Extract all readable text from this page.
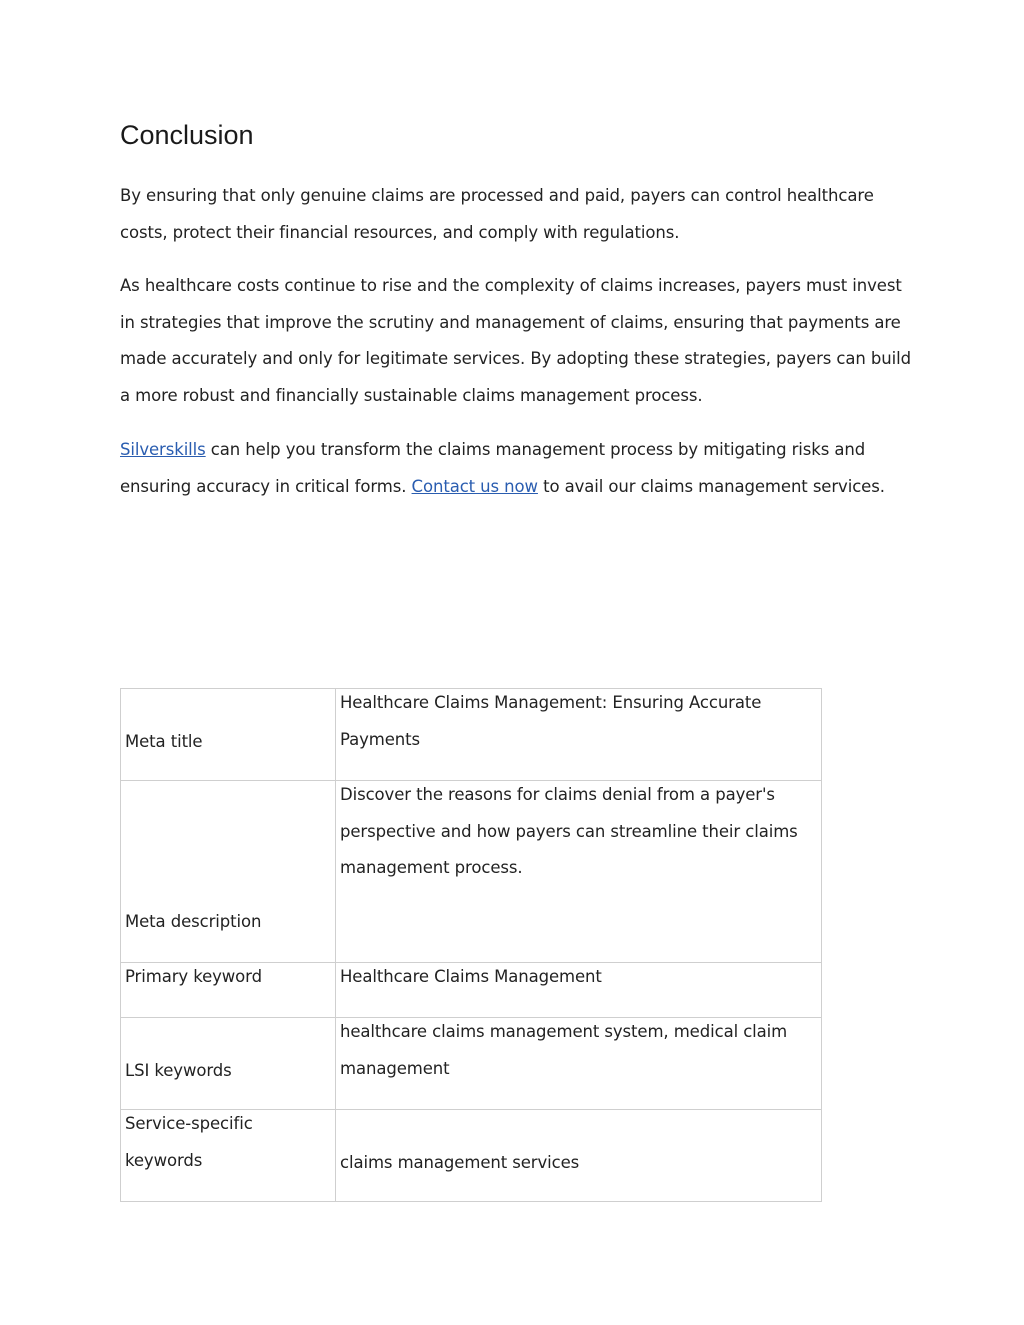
Conclusion

By ensuring that only genuine claims are processed and paid, payers can control healthcare costs, protect their financial resources, and comply with regulations.

As healthcare costs continue to rise and the complexity of claims increases, payers must invest in strategies that improve the scrutiny and management of claims, ensuring that payments are made accurately and only for legitimate services. By adopting these strategies, payers can build a more robust and financially sustainable claims management process.

Silverskills can help you transform the claims management process by mitigating risks and ensuring accuracy in critical forms. Contact us now to avail our claims management services.

Meta title	Healthcare Claims Management: Ensuring Accurate Payments

Meta description	Discover the reasons for claims denial from a payer's perspective and how payers can streamline their claims management process.

Primary keyword	Healthcare Claims Management

LSI keywords	healthcare claims management system, medical claim management

Service-specific keywords	claims management services
